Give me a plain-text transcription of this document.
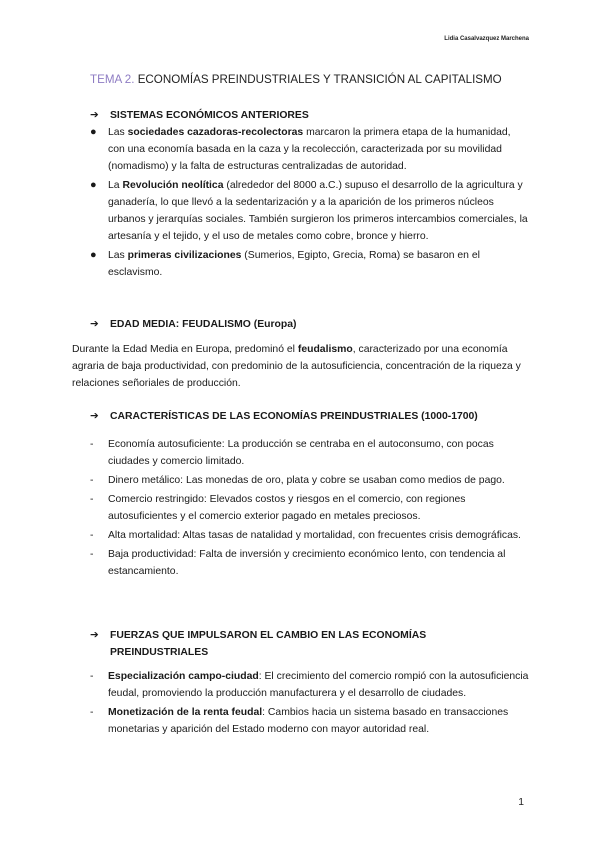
Lidia Casalvazquez Marchena
TEMA 2. ECONOMÍAS PREINDUSTRIALES Y TRANSICIÓN AL CAPITALISMO
➔ SISTEMAS ECONÓMICOS ANTERIORES
●	Las sociedades cazadoras-recolectoras marcaron la primera etapa de la humanidad, con una economía basada en la caza y la recolección, caracterizada por su movilidad (nomadismo) y la falta de estructuras centralizadas de autoridad.
●	La Revolución neolítica (alrededor del 8000 a.C.) supuso el desarrollo de la agricultura y ganadería, lo que llevó a la sedentarización y a la aparición de los primeros núcleos urbanos y jerarquías sociales. También surgieron los primeros intercambios comerciales, la artesanía y el tejido, y el uso de metales como cobre, bronce y hierro.
●	Las primeras civilizaciones (Sumerios, Egipto, Grecia, Roma) se basaron en el esclavismo.
➔ EDAD MEDIA: FEUDALISMO (Europa)

Durante la Edad Media en Europa, predominó el feudalismo, caracterizado por una economía agraria de baja productividad, con predominio de la autosuficiencia, concentración de la riqueza y relaciones señoriales de producción.

➔ CARACTERÍSTICAS DE LAS ECONOMÍAS PREINDUSTRIALES (1000-1700)
-	Economía autosuficiente: La producción se centraba en el autoconsumo, con pocas ciudades y comercio limitado.
-	Dinero metálico: Las monedas de oro, plata y cobre se usaban como medios de pago.
-	Comercio restringido: Elevados costos y riesgos en el comercio, con regiones autosuficientes y el comercio exterior pagado en metales preciosos.
-	Alta mortalidad: Altas tasas de natalidad y mortalidad, con frecuentes crisis demográficas.
-	Baja productividad: Falta de inversión y crecimiento económico lento, con tendencia al estancamiento.
➔ FUERZAS QUE IMPULSARON EL CAMBIO EN LAS ECONOMÍAS PREINDUSTRIALES
-	Especialización campo-ciudad: El crecimiento del comercio rompió con la autosuficiencia feudal, promoviendo la producción manufacturera y el desarrollo de ciudades.
-	Monetización de la renta feudal: Cambios hacia un sistema basado en transacciones monetarias y aparición del Estado moderno con mayor autoridad real.
1
